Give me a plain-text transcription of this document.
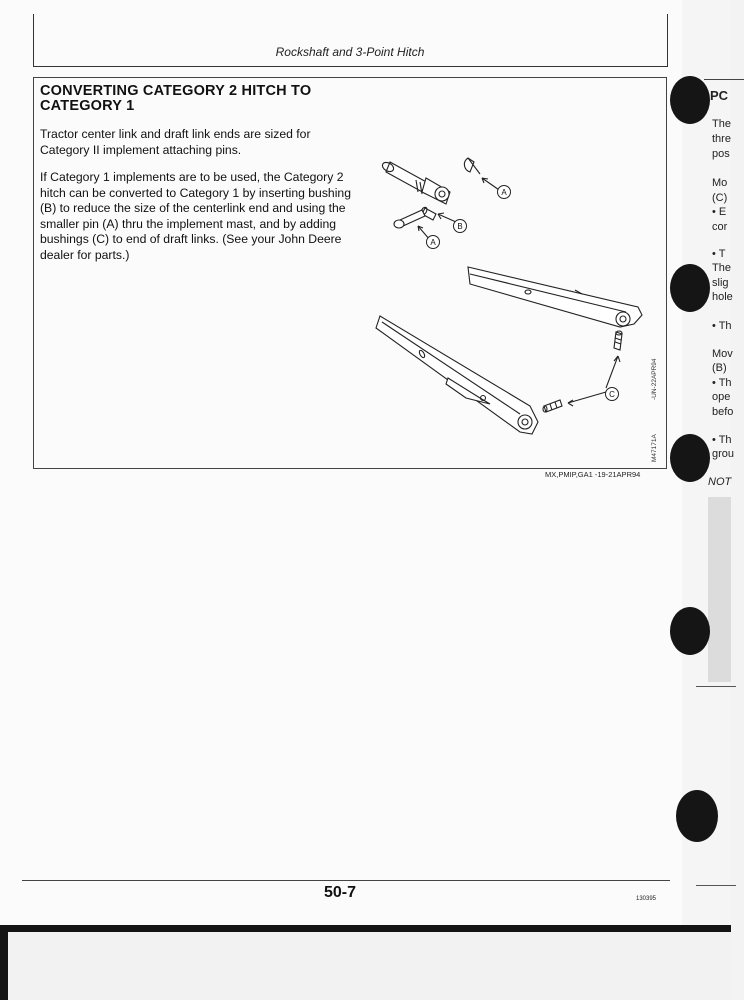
PC
The
thre
pos
Mo
(C)
• E
cor
• T
The
slig
hole
• Th
Mov
(B)
• Th
ope
befo
• Th
grou
NOT
Rockshaft and 3-Point Hitch
CONVERTING CATEGORY 2 HITCH TO CATEGORY 1

Tractor center link and draft link ends are sized for Category II implement attaching pins.

If Category 1 implements are to be used, the Category 2 hitch can be converted to Category 1 by inserting bushing (B) to reduce the size of the centerlink end and using the smaller pin (A) thru the implement mast, and by adding bushings (C) to end of draft links. (See your John Deere dealer for parts.)

A
B
A
C
M47171A
-UN-22APR94
MX,PMIP,GA1 -19-21APR94
50-7	130395
